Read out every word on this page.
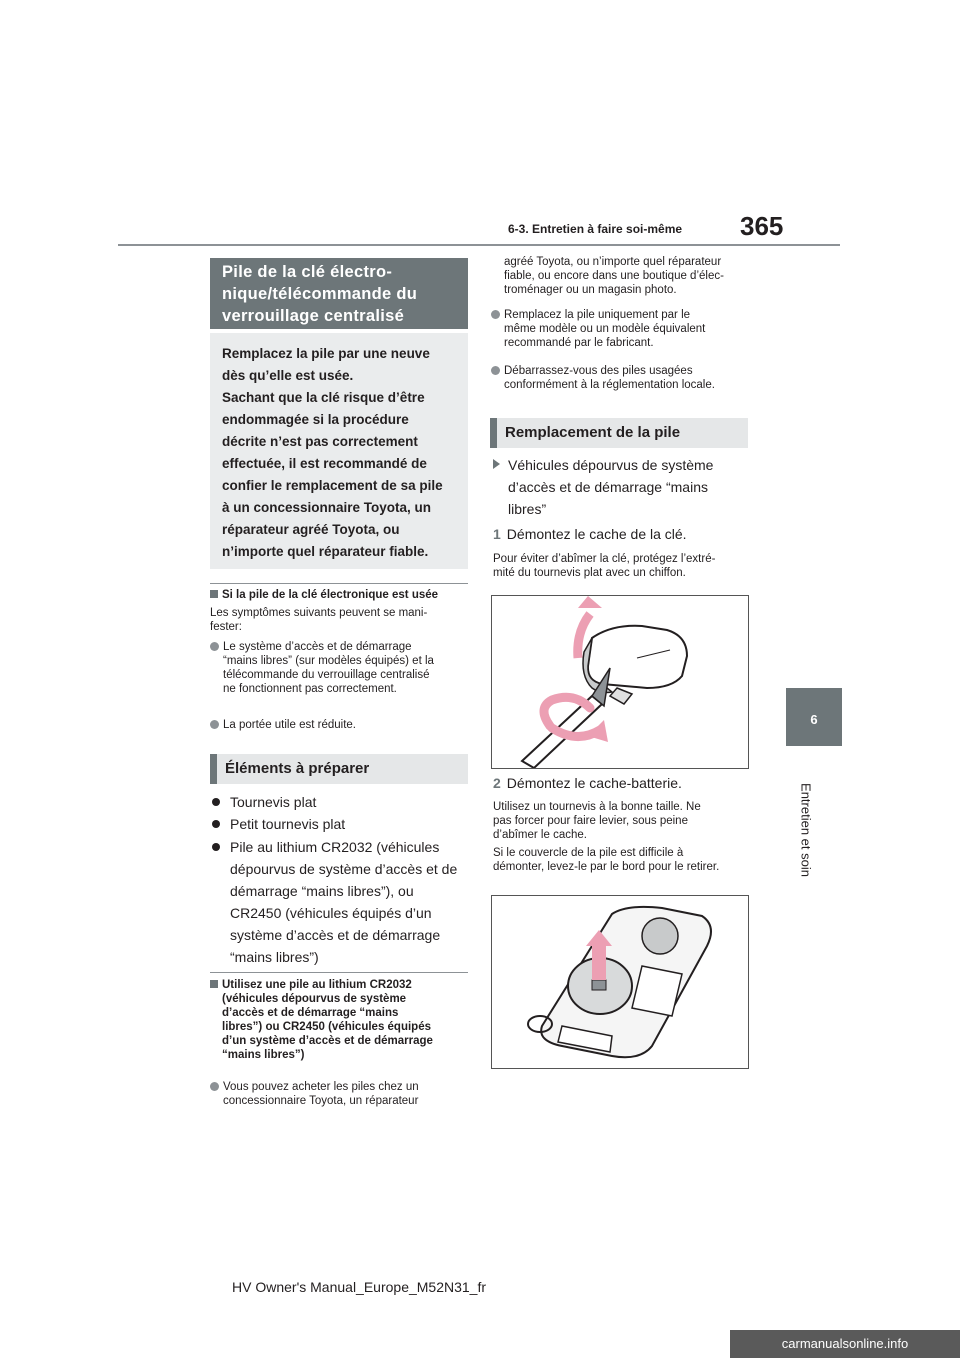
6-3. Entretien à faire soi-même 365
6
Entretien et soin
Pile de la clé électro-
nique/télécommande du
verrouillage centralisé

Remplacez la pile par une neuve

dès qu’elle est usée.

Sachant que la clé risque d’être

endommagée si la procédure

décrite n’est pas correctement

effectuée, il est recommandé de

confier le remplacement de sa pile

à un concessionnaire Toyota, un

réparateur agréé Toyota, ou

n’importe quel réparateur fiable.

Si la pile de la clé électronique est usée
Les symptômes suivants peuvent se mani-
fester:
Le système d’accès et de démarrage
“mains libres” (sur modèles équipés) et la
télécommande du verrouillage centralisé
ne fonctionnent pas correctement.
La portée utile est réduite.
Éléments à préparer
Tournevis plat
Petit tournevis plat
Pile au lithium CR2032 (véhicules
dépourvus de système d’accès et de
démarrage “mains libres”), ou
CR2450 (véhicules équipés d’un
système d’accès et de démarrage
“mains libres”)
Utilisez une pile au lithium CR2032
(véhicules dépourvus de système
d’accès et de démarrage “mains
libres”) ou CR2450 (véhicules équipés
d’un système d’accès et de démarrage
“mains libres”)
Vous pouvez acheter les piles chez un
concessionnaire Toyota, un réparateur
agréé Toyota, ou n’importe quel réparateur
fiable, ou encore dans une boutique d’élec-
troménager ou un magasin photo.
Remplacez la pile uniquement par le
même modèle ou un modèle équivalent
recommandé par le fabricant.
Débarrassez-vous des piles usagées
conformément à la réglementation locale.
Remplacement de la pile
Véhicules dépourvus de système
d’accès et de démarrage “mains
libres”
1 Démontez le cache de la clé.
Pour éviter d’abîmer la clé, protégez l’extré-
mité du tournevis plat avec un chiffon.
2 Démontez le cache-batterie.
Utilisez un tournevis à la bonne taille. Ne
pas forcer pour faire levier, sous peine
d’abîmer le cache.
Si le couvercle de la pile est difficile à
démonter, levez-le par le bord pour le retirer.
HV Owner's Manual_Europe_M52N31_fr
carmanualsonline.info
